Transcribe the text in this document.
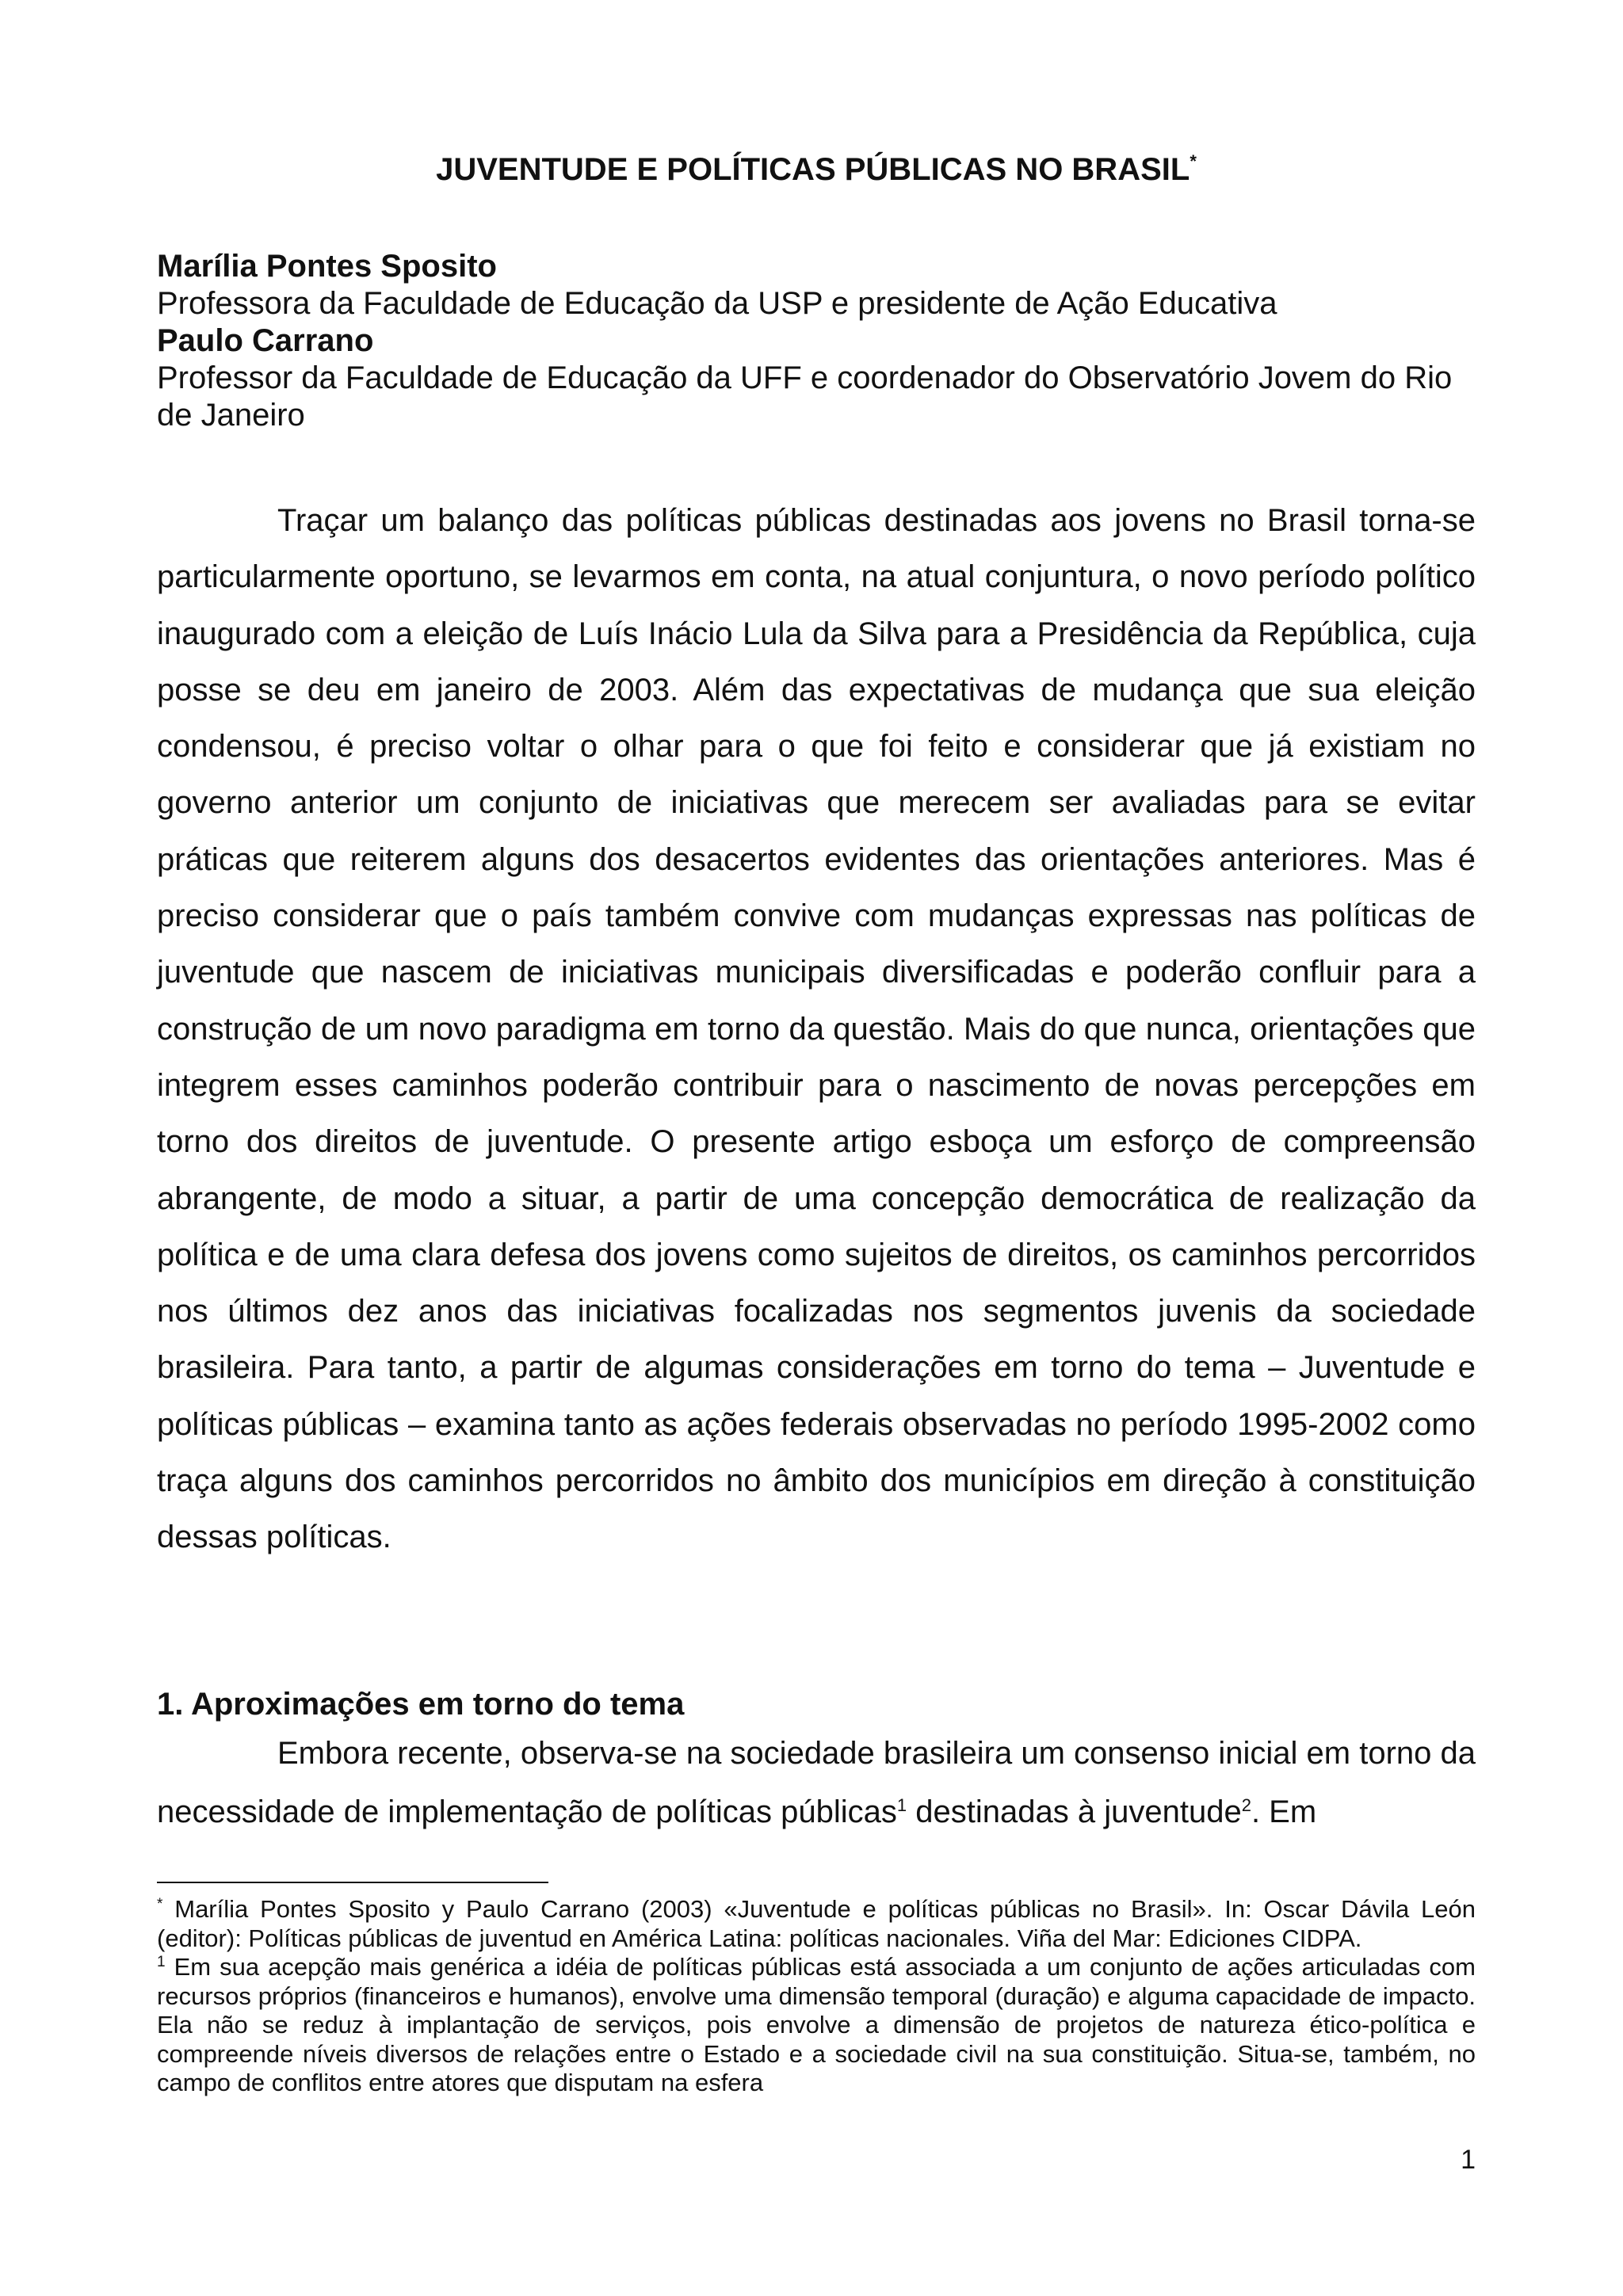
JUVENTUDE E POLÍTICAS PÚBLICAS NO BRASIL*
Marília Pontes Sposito
Professora da Faculdade de Educação da USP e presidente de Ação Educativa
Paulo Carrano
Professor da Faculdade de Educação da UFF e coordenador do Observatório Jovem do Rio de Janeiro

Traçar um balanço das políticas públicas destinadas aos jovens no Brasil torna-se particularmente oportuno, se levarmos em conta, na atual conjuntura, o novo período político inaugurado com a eleição de Luís Inácio Lula da Silva para a Presidência da República, cuja posse se deu em janeiro de 2003. Além das expectativas de mudança que sua eleição condensou, é preciso voltar o olhar para o que foi feito e considerar que já existiam no governo anterior um conjunto de iniciativas que merecem ser avaliadas para se evitar práticas que reiterem alguns dos desacertos evidentes das orientações anteriores. Mas é preciso considerar que o país também convive com mudanças expressas nas políticas de juventude que nascem de iniciativas municipais diversificadas e poderão confluir para a construção de um novo paradigma em torno da questão. Mais do que nunca, orientações que integrem esses caminhos poderão contribuir para o nascimento de novas percepções em torno dos direitos de juventude. O presente artigo esboça um esforço de compreensão abrangente, de modo a situar, a partir de uma concepção democrática de realização da política e de uma clara defesa dos jovens como sujeitos de direitos, os caminhos percorridos nos últimos dez anos das iniciativas focalizadas nos segmentos juvenis da sociedade brasileira. Para tanto, a partir de algumas considerações em torno do tema – Juventude e políticas públicas – examina tanto as ações federais observadas no período 1995-2002 como traça alguns dos caminhos percorridos no âmbito dos municípios em direção à constituição dessas políticas.

1. Aproximações em torno do tema

Embora recente, observa-se na sociedade brasileira um consenso inicial em torno da necessidade de implementação de políticas públicas$^1$ destinadas à juventude$^2$. Em

* Marília Pontes Sposito y Paulo Carrano (2003) «Juventude e políticas públicas no Brasil». In: Oscar Dávila León (editor): Políticas públicas de juventud en América Latina: políticas nacionales. Viña del Mar: Ediciones CIDPA.

$^1$ Em sua acepção mais genérica a idéia de políticas públicas está associada a um conjunto de ações articuladas com recursos próprios (financeiros e humanos), envolve uma dimensão temporal (duração) e alguma capacidade de impacto. Ela não se reduz à implantação de serviços, pois envolve a dimensão de projetos de natureza ético-política e compreende níveis diversos de relações entre o Estado e a sociedade civil na sua constituição. Situa-se, também, no campo de conflitos entre atores que disputam na esfera

1
